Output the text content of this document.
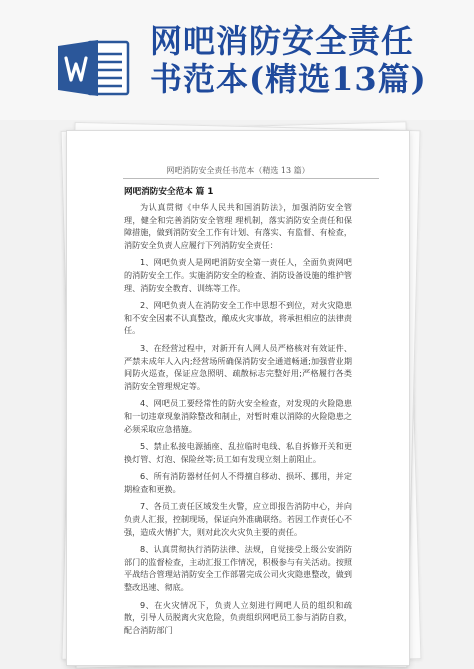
网吧消防安全责任
书范本(精选13篇)
网吧消防安全责任书范本（精选 13 篇）
网吧消防安全范本 篇 1

为认真贯彻《中华人民共和国消防法》，加强消防安全管理，健全和完善消防安全管理 理机制，落实消防安全责任和保障措施，做到消防安全工作有计划、有落实、有监督、有检查，消防安全负责人应履行下列消防安全责任：

1、网吧负责人是网吧消防安全第一责任人，全面负责网吧的消防安全工作。实施消防安全的检查、消防设备设施的维护管理、消防安全教育、训练等工作。

2、网吧负责人在消防安全工作中思想不到位，对火灾隐患和不安全因素不认真整改，酿成火灾事故，将承担相应的法律责任。

3、在经营过程中，对新开有人网人员严格核对有效证件、严禁未成年人入内;经营场所确保消防安全通道畅通;加强营业期间防火巡查，保证应急照明、疏散标志完整好用;严格履行各类消防安全管理规定等。

4、网吧员工要经常性的防火安全检查，对发现的火险隐患和一切违章现象消除整改和制止，对暂时难以消除的火险隐患之必须采取应急措施。

5、禁止私接电源插座、乱拉临时电线、私自拆修开关和更换灯管、灯泡、保险丝等;员工如有发现立刻上前阻止。

6、所有消防器材任何人不得擅自移动、损坏、挪用，并定期检查和更换。

7、各员工责任区域发生火警，应立即报告消防中心，并向负责人汇报，控制现场，保证向外准确联络。若因工作责任心不强，造成火情扩大，则对此次火灾负主要的责任。

8、认真贯彻执行消防法律、法规，自觉接受上级公安消防部门的监督检查，主动汇报工作情况，积极参与有关活动。按照平战结合管理站消防安全工作部署完成公司火灾隐患整改，做到整改迅速、彻底。

9、在火灾情况下，负责人立刻进行网吧人员的组织和疏散，引导人员脱离火灾危险，负责组织网吧员工参与消防自救，配合消防部门
